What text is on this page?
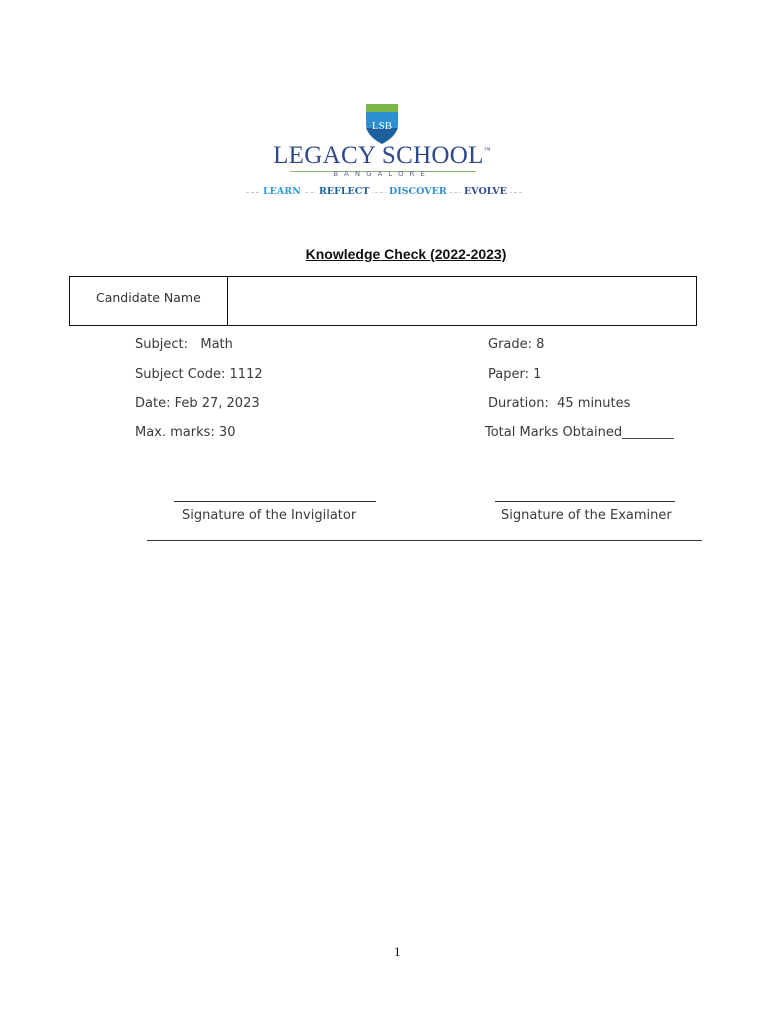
LSB
LEGACY SCHOOL™
BANGALORE
LEARN	REFLECT	DISCOVER	EVOLVE
Knowledge Check (2022-2023)
Candidate Name
Subject:   Math	Grade: 8
Subject Code: 1112	Paper: 1
Date: Feb 27, 2023	Duration:  45 minutes
Max. marks: 30	Total Marks Obtained________
Signature of the Invigilator	Signature of the Examiner
1
